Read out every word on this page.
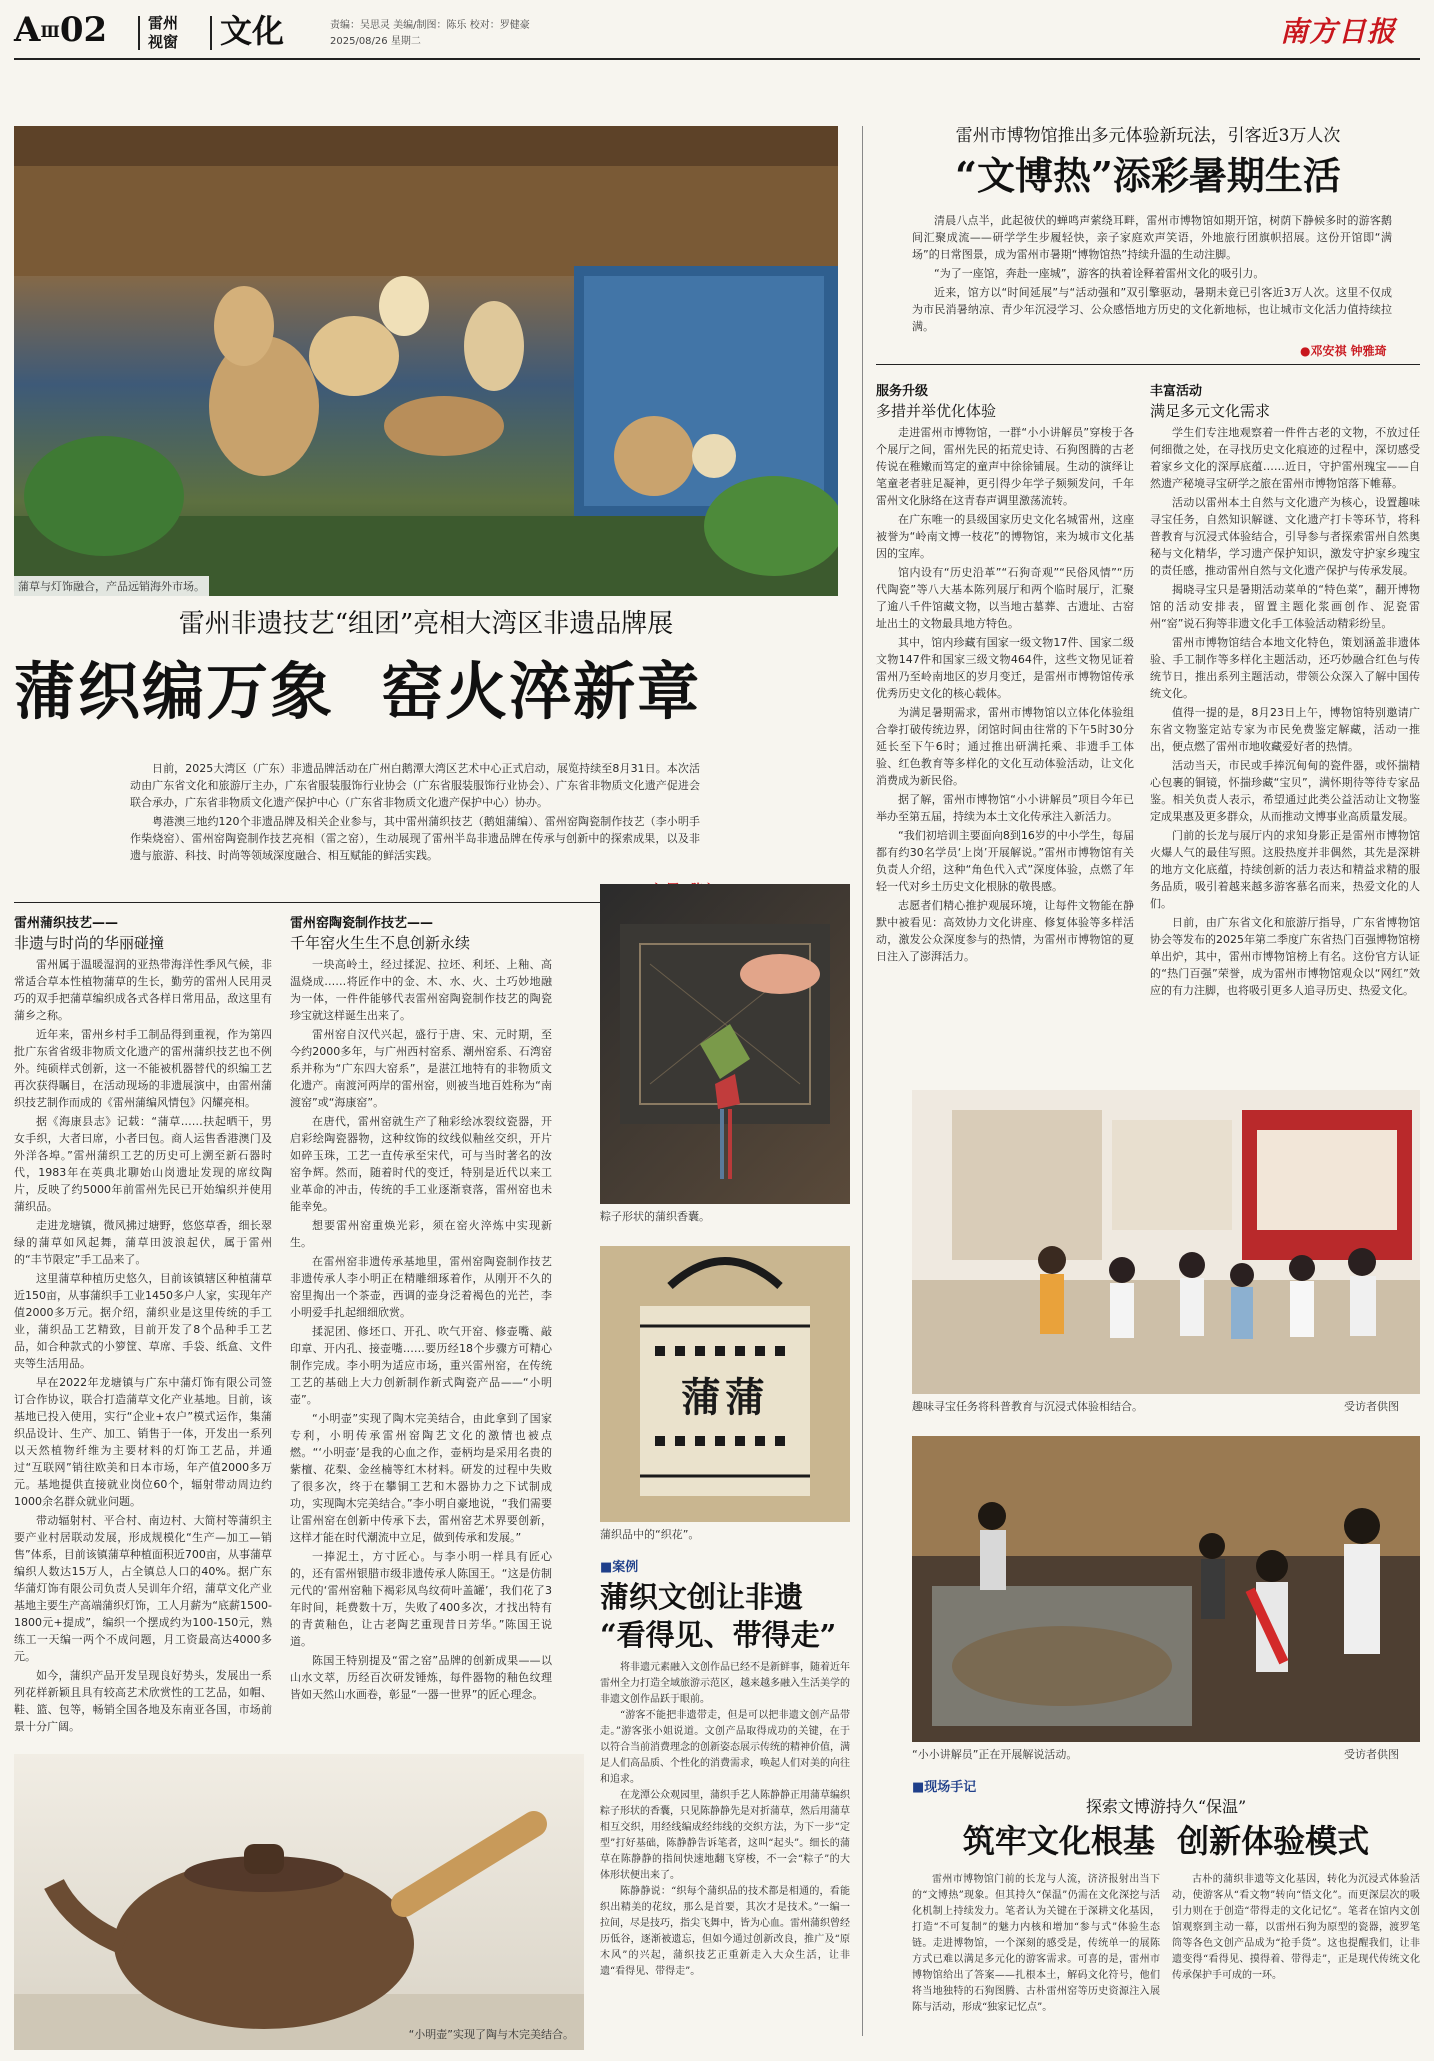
AⅢ02	雷州
视窗	文化	责编：吴思灵 美编/制图：陈乐 校对：罗健豪
2025/08/26 星期二	南方日报
蒲草与灯饰融合，产品远销海外市场。
雷州非遗技艺“组团”亮相大湾区非遗品牌展
蒲织编万象  窑火淬新章

日前，2025大湾区（广东）非遗品牌活动在广州白鹅潭大湾区艺术中心正式启动，展览持续至8月31日。本次活动由广东省文化和旅游厅主办，广东省服装服饰行业协会（广东省服装服饰行业协会）、广东省非物质文化遗产促进会联合承办，广东省非物质文化遗产保护中心（广东省非物质文化遗产保护中心）协办。

粤港澳三地约120个非遗品牌及相关企业参与，其中雷州蒲织技艺（鹅姐蒲编）、雷州窑陶瓷制作技艺（李小明手作柴烧窑）、雷州窑陶瓷制作技艺亮相（雷之窑），生动展现了雷州半岛非遗品牌在传承与创新中的探索成果，以及非遗与旅游、科技、时尚等领域深度融合、相互赋能的鲜活实践。

雷州蒲织技艺——
非遗与时尚的华丽碰撞

雷州属于温暖湿润的亚热带海洋性季风气候，非常适合草本性植物蒲草的生长，勤劳的雷州人民用灵巧的双手把蒲草编织成各式各样日常用品，敌这里有蒲乡之称。

近年来，雷州乡村手工制品得到重视，作为第四批广东省省级非物质文化遗产的雷州蒲织技艺也不例外。纯硕样式创新，这一不能被机器替代的织编工艺再次获得瞩目，在活动现场的非遗展演中，由雷州蒲织技艺制作而成的《雷州蒲编风情包》闪耀亮相。

据《海康县志》记载：“蒲草……扶起晒干，男女手织，大者曰席，小者曰包。商人运售香港澳门及外洋各埠。”雷州蒲织工艺的历史可上溯至新石器时代，1983年在英典北聊始山岗遗址发现的席纹陶片，反映了约5000年前雷州先民已开始编织并使用蒲织品。

走进龙塘镇，微风拂过塘野，悠悠草香，细长翠绿的蒲草如风起舞，蒲草田波浪起伏，属于雷州的“丰节限定”手工品来了。

这里蒲草种植历史悠久，目前该镇辖区种植蒲草近150亩，从事蒲织手工业1450多户人家，实现年产值2000多万元。据介绍，蒲织业是这里传统的手工业，蒲织品工艺精致，目前开发了8个品种手工艺品，如合种款式的小箩筐、草席、手袋、纸盒、文件夹等生活用品。

早在2022年龙塘镇与广东中蒲灯饰有限公司签订合作协议，联合打造蒲草文化产业基地。目前，该基地已投入使用，实行“企业+农户”模式运作，集蒲织品设计、生产、加工、销售于一体，开发出一系列以天然植物纤维为主要材料的灯饰工艺品，并通过“互联网”销往欧美和日本市场，年产值2000多万元。基地提供直接就业岗位60个，辐射带动周边约1000余名群众就业问题。

带动辐射村、平合村、南边村、大简村等蒲织主要产业村居联动发展，形成规模化“生产—加工—销售”体系，目前该镇蒲草种植面积近700亩，从事蒲草编织人数达15万人，占全镇总人口的40%。据广东华蒲灯饰有限公司负责人吴训年介绍，蒲草文化产业基地主要生产高端蒲织灯饰，工人月薪为“底薪1500-1800元+提成”，编织一个摆成约为100-150元，熟练工一天编一两个不成问题，月工资最高达4000多元。

如今，蒲织产品开发呈现良好势头，发展出一系列花样新颖且具有较高艺术欣赏性的工艺品，如帽、鞋、篮、包等，畅销全国各地及东南亚各国，市场前景十分广阔。

雷州窑陶瓷制作技艺——
千年窑火生生不息创新永续

一块高岭土，经过揉泥、拉坯、利坯、上釉、高温烧成……将匠作中的金、木、水、火、土巧妙地融为一体，一件件能够代表雷州窑陶瓷制作技艺的陶瓷珍宝就这样诞生出来了。

雷州窑自汉代兴起，盛行于唐、宋、元时期，至今约2000多年，与广州西村窑系、潮州窑系、石湾窑系并称为“广东四大窑系”，是湛江地特有的非物质文化遗产。南渡河两岸的雷州窑，则被当地百姓称为“南渡窑”或“海康窑”。

在唐代，雷州窑就生产了釉彩绘冰裂纹瓷器，开启彩绘陶瓷器物，这种纹饰的纹线似釉丝交织，开片如碎玉珠，工艺一直传承至宋代，可与当时著名的汝窑争辉。然而，随着时代的变迁，特别是近代以来工业革命的冲击，传统的手工业逐渐衰落，雷州窑也未能幸免。

想要雷州窑重焕光彩，须在窑火淬炼中实现新生。

在雷州窑非遗传承基地里，雷州窑陶瓷制作技艺非遗传承人李小明正在精雕细琢着作，从刚开不久的窑里掏出一个茶壶，西调的壶身泛着褐色的光芒，李小明爱手扎起细细欣赏。

揉泥团、修坯口、开孔、吹气开窑、修壶嘴、敲印章、开内孔、接壶嘴……要历经18个步骤方可精心制作完成。李小明为适应市场，重兴雷州窑，在传统工艺的基础上大力创新制作新式陶瓷产品——“小明壶”。

“小明壶”实现了陶木完美结合，由此拿到了国家专利，小明传承雷州窑陶艺文化的激情也被点燃。“‘小明壶’是我的心血之作，壶柄均是采用名贵的紫檀、花梨、金丝楠等红木材料。研发的过程中失败了很多次，终于在攀铜工艺和木器协力之下试制成功，实现陶木完美结合。”李小明自豪地说，“我们需要让雷州窑在创新中传承下去，雷州窑艺术界要创新，这样才能在时代潮流中立足，做到传承和发展。”

一捧泥土，方寸匠心。与李小明一样具有匠心的，还有雷州银腊市级非遗传承人陈国王。“这是仿制元代的‘雷州窑釉下褐彩凤鸟纹荷叶盖罐’，我们花了3年时间，耗费数十万，失败了400多次，才找出特有的青黄釉色，让古老陶艺重现昔日芳华。”陈国王说道。

陈国王特别提及“雷之窑”品牌的创新成果——以山水文萃，历经百次研发锤炼，每件器物的釉色纹理皆如天然山水画卷，彰显“一器一世界”的匠心理念。

粽子形状的蒲织香囊。
蒲蒲
蒲织品中的“织花”。
■案例
蒲织文创让非遗
“看得见、带得走”

将非遗元素融入文创作品已经不是新鲜事，随着近年雷州全力打造全域旅游示范区，越来越多融入生活美学的非遗文创作品跃于眼前。

“游客不能把非遗带走，但是可以把非遗文创产品带走。”游客张小姐说道。文创产品取得成功的关键，在于以符合当前消费理念的创新姿态展示传统的精神价值，满足人们高品质、个性化的消费需求，唤起人们对美的向往和追求。

在龙潭公众观园里，蒲织手艺人陈静静正用蒲草编织粽子形状的香囊，只见陈静静先是对折蒲草，然后用蒲草相互交织，用经线编成经纬线的交织方法，为下一步“定型”打好基础，陈静静告诉笔者，这叫“起头”。细长的蒲草在陈静静的指间快速地翻飞穿梭，不一会“粽子”的大体形状便出来了。

陈静静说：“织每个蒲织品的技术都是相通的，看能织出精美的花纹，那么是首要，其次才是技术。”一编一拉间，尽是技巧，指尖飞舞中，皆为心血。雷州蒲织曾经历低谷，逐渐被遗忘，但如今通过创新改良，推广及“原木风”的兴起，蒲织技艺正重新走入大众生活，让非遗“看得见、带得走”。

“小明壶”实现了陶与木完美结合。
雷州市博物馆推出多元体验新玩法，引客近3万人次
“文博热”添彩暑期生活

清晨八点半，此起彼伏的蝉鸣声萦绕耳畔，雷州市博物馆如期开馆，树荫下静候多时的游客鹅间汇聚成流——研学学生步履轻快，亲子家庭欢声笑语，外地旅行团旗帜招展。这份开馆即“满场”的日常图景，成为雷州市暑期“博物馆热”持续升温的生动注脚。

“为了一座馆，奔赴一座城”，游客的执着诠释着雷州文化的吸引力。

近来，馆方以“时间延展”与“活动强和”双引擎驱动，暑期未竟已引客近3万人次。这里不仅成为市民消暑纳凉、青少年沉浸学习、公众感悟地方历史的文化新地标，也让城市文化活力值持续拉满。

●邓安祺 钟雅琦
服务升级
多措并举优化体验

走进雷州市博物馆，一群“小小讲解员”穿梭于各个展厅之间，雷州先民的拓荒史诗、石狗图腾的古老传说在稚嫩而笃定的童声中徐徐铺展。生动的演绎让笔童老者驻足凝神，更引得少年学子频频发问，千年雷州文化脉络在这青春声调里激荡流转。

在广东唯一的县级国家历史文化名城雷州，这座被誉为“岭南文博一枝花”的博物馆，来为城市文化基因的宝库。

馆内设有“历史沿革”“石狗奇观”“民俗风情”“历代陶瓷”等八大基本陈列展厅和两个临时展厅，汇聚了逾八千件馆藏文物，以当地古墓葬、古遗址、古窑址出土的文物最具地方特色。

其中，馆内珍藏有国家一级文物17件、国家二级文物147件和国家三级文物464件，这些文物见证着雷州乃至岭南地区的岁月变迁，是雷州市博物馆传承优秀历史文化的核心载体。

为满足暑期需求，雷州市博物馆以立体化体验组合拳打破传统边界，闭馆时间由往常的下午5时30分延长至下午6时；通过推出研满托乘、非遗手工体验、红色教育等多样化的文化互动体验活动，让文化消费成为新民俗。

据了解，雷州市博物馆“小小讲解员”项目今年已举办至第五届，持续为本土文化传承注入新活力。

“我们初培训主要面向8到16岁的中小学生，每届都有约30名学员‘上岗’开展解说。”雷州市博物馆有关负责人介绍，这种“角色代入式”深度体验，点燃了年轻一代对乡土历史文化根脉的敬畏感。

志愿者们精心推护观展环境，让每件文物能在静默中被看见：高效协力文化讲座、修复体验等多样活动，激发公众深度参与的热情，为雷州市博物馆的夏日注入了澎湃活力。

丰富活动
满足多元文化需求

学生们专注地观察着一件件古老的文物，不放过任何细微之处，在寻找历史文化痕迹的过程中，深切感受着家乡文化的深厚底蕴……近日，守护雷州瑰宝——自然遗产秘境寻宝研学之旅在雷州市博物馆落下帷幕。

活动以雷州本土自然与文化遗产为核心，设置趣味寻宝任务，自然知识解谜、文化遗产打卡等环节，将科普教育与沉浸式体验结合，引导参与者探索雷州自然奥秘与文化精华，学习遗产保护知识，激发守护家乡瑰宝的责任感，推动雷州自然与文化遗产保护与传承发展。

揭晓寻宝只是暑期活动菜单的“特色菜”，翻开博物馆的活动安排表，留置主题化浆画创作、泥瓷雷州“窑”说石狗等非遗文化手工体验活动精彩纷呈。

雷州市博物馆结合本地文化特色，策划涵盖非遗体验、手工制作等多样化主题活动，还巧妙融合红色与传统节日，推出系列主题活动，带领公众深入了解中国传统文化。

值得一提的是，8月23日上午，博物馆特别邀请广东省文物鉴定站专家为市民免费鉴定解藏，活动一推出，便点燃了雷州市地收藏爱好者的热情。

活动当天，市民或手捧沉甸甸的瓷件器，或怀揣精心包裹的铜镜，怀揣珍藏“宝贝”，满怀期待等待专家品鉴。相关负责人表示，希望通过此类公益活动让文物鉴定成果惠及更多群众，从而推动文博事业高质量发展。

门前的长龙与展厅内的求知身影正是雷州市博物馆火爆人气的最佳写照。这股热度并非偶然，其先是深耕的地方文化底蕴，持续创新的活力表达和精益求精的服务品质，吸引着越来越多游客慕名而来，热爱文化的人们。

日前，由广东省文化和旅游厅指导，广东省博物馆协会等发布的2025年第二季度广东省热门百强博物馆榜单出炉，其中，雷州市博物馆榜上有名。这份官方认证的“热门百强”荣誉，成为雷州市博物馆观众以“网红”效应的有力注脚，也将吸引更多人追寻历史、热爱文化。

趣味寻宝任务将科普教育与沉浸式体验相结合。	受访者供图
“小小讲解员”正在开展解说活动。	受访者供图
■现场手记
探索文博游持久“保温”
筑牢文化根基  创新体验模式
雷州市博物馆门前的长龙与人流，济济报射出当下的“文博热”现象。但其持久“保温”仍需在文化深挖与活化机制上持续发力。笔者认为关键在于深耕文化基因，打造“不可复制”的魅力内核和增加“参与式”体验生态链。走进博物馆，一个深刻的感受是，传统单一的展陈方式已难以满足多元化的游客需求。可喜的是，雷州市博物馆给出了答案——扎根本土，解码文化符号，他们将当地独特的石狗图腾、古朴雷州窑等历史资源注入展陈与活动，形成“独家记忆点”。
古朴的蒲织非遗等文化基因，转化为沉浸式体验活动，使游客从“看文物”转向“悟文化”。而更深层次的吸引力则在于创造“带得走的文化记忆”。笔者在馆内文创馆观察到主动一幕，以雷州石狗为原型的瓷器，渡罗笔筒等各色文创产品成为“抢手货”。这也提醒我们，让非遗变得“看得见、摸得着、带得走”，正是现代传统文化传承保护手可成的一环。
